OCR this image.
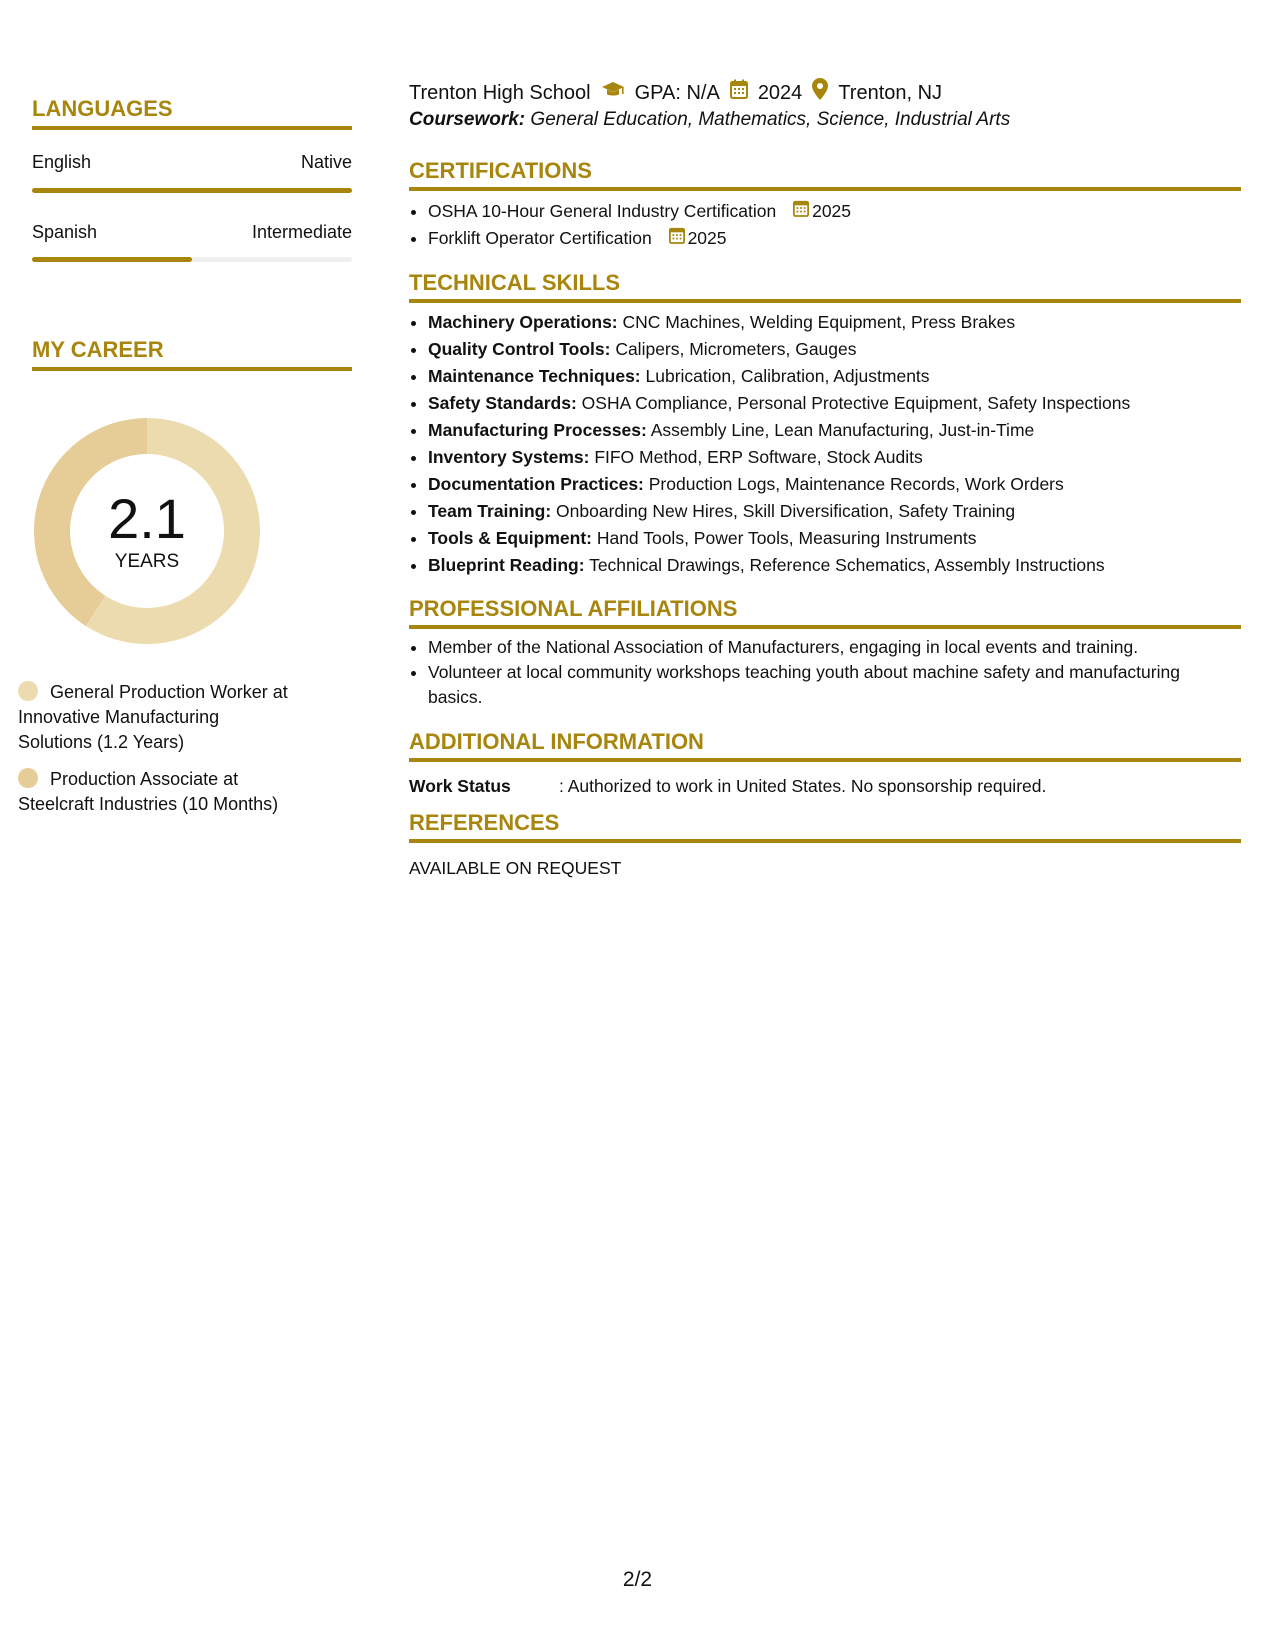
LANGUAGES
English	Native
Spanish	Intermediate
MY CAREER
2.1
YEARS
General Production Worker at Innovative Manufacturing Solutions (1.2 Years)
Production Associate at Steelcraft Industries (10 Months)
Trenton High School GPA: N/A 2024 Trenton, NJ
Coursework: General Education, Mathematics, Science, Industrial Arts
CERTIFICATIONS
• OSHA 10-Hour General Industry Certification 2025
• Forklift Operator Certification 2025
TECHNICAL SKILLS
• Machinery Operations: CNC Machines, Welding Equipment, Press Brakes
• Quality Control Tools: Calipers, Micrometers, Gauges
• Maintenance Techniques: Lubrication, Calibration, Adjustments
• Safety Standards: OSHA Compliance, Personal Protective Equipment, Safety Inspections
• Manufacturing Processes: Assembly Line, Lean Manufacturing, Just-in-Time
• Inventory Systems: FIFO Method, ERP Software, Stock Audits
• Documentation Practices: Production Logs, Maintenance Records, Work Orders
• Team Training: Onboarding New Hires, Skill Diversification, Safety Training
• Tools & Equipment: Hand Tools, Power Tools, Measuring Instruments
• Blueprint Reading: Technical Drawings, Reference Schematics, Assembly Instructions
PROFESSIONAL AFFILIATIONS
• Member of the National Association of Manufacturers, engaging in local events and training.
• Volunteer at local community workshops teaching youth about machine safety and manufacturing basics.
ADDITIONAL INFORMATION
Work Status	: Authorized to work in United States. No sponsorship required.
REFERENCES
AVAILABLE ON REQUEST
2/2
